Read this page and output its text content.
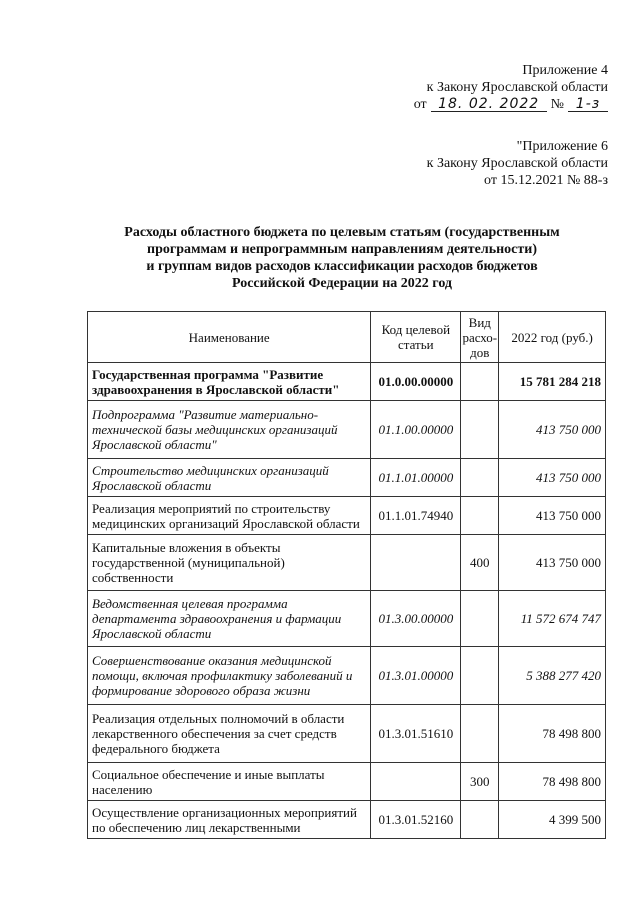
Приложение 4
к Закону Ярославской области
от 18. 02. 2022 № 1-з
"Приложение 6
к Закону Ярославской области
от 15.12.2021 № 88-з
Расходы областного бюджета по целевым статьям (государственным
программам и непрограммным направлениям деятельности)
и группам видов расходов классификации расходов бюджетов
Российской Федерации на 2022 год
Наименование	Код целевой статьи	Вид расхо-дов	2022 год (руб.)
Государственная программа "Развитие здравоохранения в Ярославской области"	01.0.00.00000		15 781 284 218
Подпрограмма "Развитие материально-технической базы медицинских организаций Ярославской области"	01.1.00.00000		413 750 000
Строительство медицинских организаций Ярославской области	01.1.01.00000		413 750 000
Реализация мероприятий по строительству медицинских организаций Ярославской области	01.1.01.74940		413 750 000
Капитальные вложения в объекты государственной (муниципальной) собственности		400	413 750 000
Ведомственная целевая программа департамента здравоохранения и фармации Ярославской области	01.3.00.00000		11 572 674 747
Совершенствование оказания медицинской помощи, включая профилактику заболеваний и формирование здорового образа жизни	01.3.01.00000		5 388 277 420
Реализация отдельных полномочий в области лекарственного обеспечения за счет средств федерального бюджета	01.3.01.51610		78 498 800
Социальное обеспечение и иные выплаты населению		300	78 498 800
Осуществление организационных мероприятий по обеспечению лиц лекарственными	01.3.01.52160		4 399 500
